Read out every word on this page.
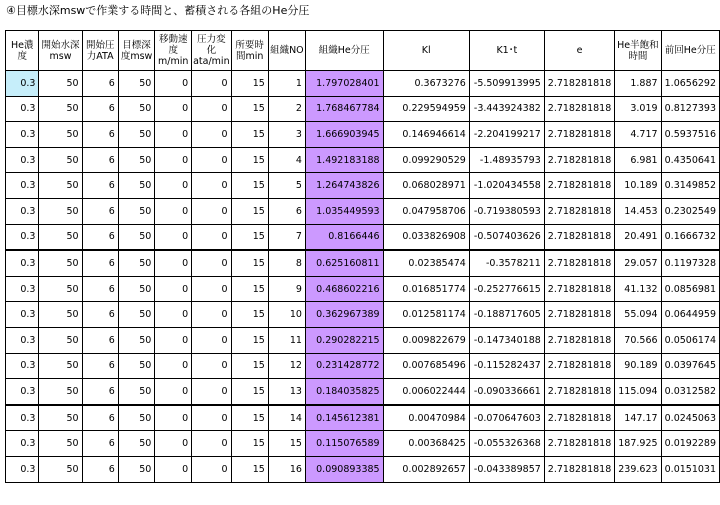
④目標水深mswで作業する時間と、蓄積される各組のHe分圧
He濃度	開始水深msw	開始圧力ATA	目標深度msw	移動速度m/min	圧力変化ata/min	所要時間min	組織NO	組織He分圧	Kl	K1･t	e	He半飽和時間	前回He分圧
0.3	50	6	50	0	0	15	1	1.797028401	0.3673276	-5.509913995	2.718281818	1.887	1.0656292
0.3	50	6	50	0	0	15	2	1.768467784	0.229594959	-3.443924382	2.718281818	3.019	0.8127393
0.3	50	6	50	0	0	15	3	1.666903945	0.146946614	-2.204199217	2.718281818	4.717	0.5937516
0.3	50	6	50	0	0	15	4	1.492183188	0.099290529	-1.48935793	2.718281818	6.981	0.4350641
0.3	50	6	50	0	0	15	5	1.264743826	0.068028971	-1.020434558	2.718281818	10.189	0.3149852
0.3	50	6	50	0	0	15	6	1.035449593	0.047958706	-0.719380593	2.718281818	14.453	0.2302549
0.3	50	6	50	0	0	15	7	0.8166446	0.033826908	-0.507403626	2.718281818	20.491	0.1666732
0.3	50	6	50	0	0	15	8	0.625160811	0.02385474	-0.3578211	2.718281818	29.057	0.1197328
0.3	50	6	50	0	0	15	9	0.468602216	0.016851774	-0.252776615	2.718281818	41.132	0.0856981
0.3	50	6	50	0	0	15	10	0.362967389	0.012581174	-0.188717605	2.718281818	55.094	0.0644959
0.3	50	6	50	0	0	15	11	0.290282215	0.009822679	-0.147340188	2.718281818	70.566	0.0506174
0.3	50	6	50	0	0	15	12	0.231428772	0.007685496	-0.115282437	2.718281818	90.189	0.0397645
0.3	50	6	50	0	0	15	13	0.184035825	0.006022444	-0.090336661	2.718281818	115.094	0.0312582
0.3	50	6	50	0	0	15	14	0.145612381	0.00470984	-0.070647603	2.718281818	147.17	0.0245063
0.3	50	6	50	0	0	15	15	0.115076589	0.00368425	-0.055326368	2.718281818	187.925	0.0192289
0.3	50	6	50	0	0	15	16	0.090893385	0.002892657	-0.043389857	2.718281818	239.623	0.0151031
